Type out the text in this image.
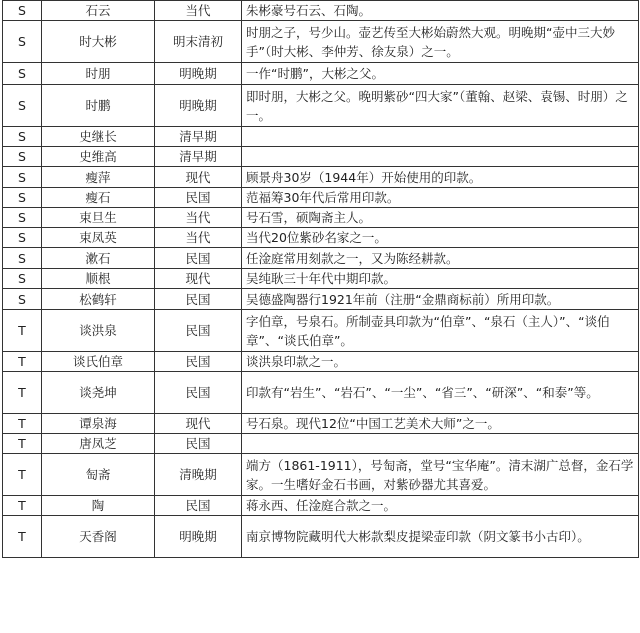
S	石云	当代	朱彬豪号石云、石陶。
S	时大彬	明末清初	时朋之子，号少山。壶艺传至大彬始蔚然大观。明晚期“壶中三大妙手”（时大彬、李仲芳、徐友泉）之一。
S	时朋	明晚期	一作“时鹏”，大彬之父。
S	时鹏	明晚期	即时朋，大彬之父。晚明紫砂“四大家”（董翰、赵梁、袁锡、时朋）之一。
S	史继长	清早期	
S	史维高	清早期	
S	瘦萍	现代	顾景舟30岁（1944年）开始使用的印款。
S	瘦石	民国	范福筹30年代后常用印款。
S	束旦生	当代	号石雪，硕陶斋主人。
S	束凤英	当代	当代20位紫砂名家之一。
S	漱石	民国	任淦庭常用刻款之一，又为陈经耕款。
S	顺根	现代	吴纯耿三十年代中期印款。
S	松鹤轩	民国	吴德盛陶器行1921年前（注册“金鼎商标前）所用印款。
T	谈洪泉	民国	字伯章，号泉石。所制壶具印款为“伯章”、“泉石（主人）”、“谈伯章”、“谈氏伯章”。
T	谈氏伯章	民国	谈洪泉印款之一。
T	谈尧坤	民国	印款有“岩生”、“岩石”、“一尘”、“省三”、“研深”、“和泰”等。
T	谭泉海	现代	号石泉。现代12位“中国工艺美术大师”之一。
T	唐凤芝	民国	
T	匋斋	清晚期	端方（1861-1911），号匋斋，堂号“宝华庵”。清末湖广总督，金石学家。一生嗜好金石书画，对紫砂器尤其喜爱。
T	陶	民国	蒋永西、任淦庭合款之一。
T	天香阁	明晚期	南京博物院藏明代大彬款梨皮提梁壶印款（阴文篆书小古印）。
